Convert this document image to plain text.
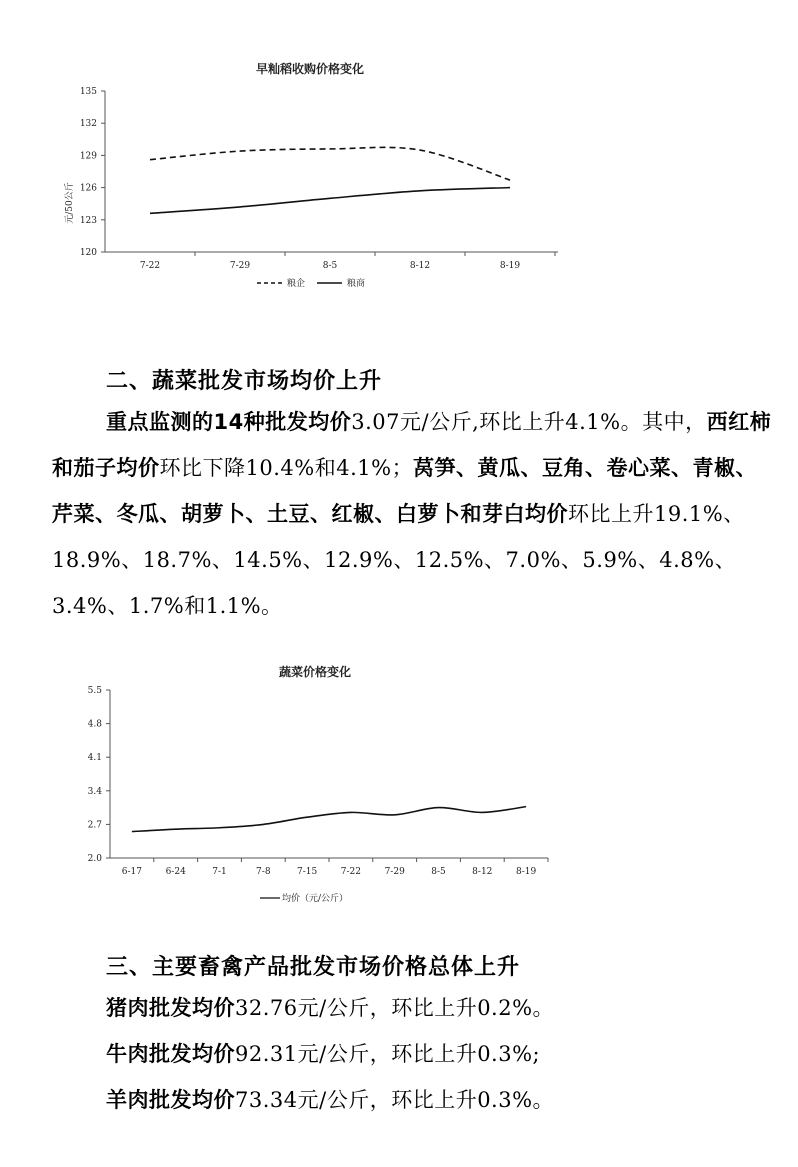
早籼稻收购价格变化
元/50公斤
120
123
126
129
132
135
7-22	7-29	8-5	8-12	8-19
粮企	粮商
二、蔬菜批发市场均价上升

重点监测的14种批发均价3.07元/公斤,环比上升4.1%。其中，西红柿和茄子均价环比下降10.4%和4.1%；莴笋、黄瓜、豆角、卷心菜、青椒、芹菜、冬瓜、胡萝卜、土豆、红椒、白萝卜和芽白均价环比上升19.1%、18.9%、18.7%、14.5%、12.9%、12.5%、7.0%、5.9%、4.8%、3.4%、1.7%和1.1%。

蔬菜价格变化
2.0
2.7
3.4
4.1
4.8
5.5
6-17	6-24	7-1	7-8	7-15	7-22	7-29	8-5	8-12	8-19
均价（元/公斤）
三、主要畜禽产品批发市场价格总体上升

猪肉批发均价32.76元/公斤，环比上升0.2%。

牛肉批发均价92.31元/公斤，环比上升0.3%;

羊肉批发均价73.34元/公斤，环比上升0.3%。
